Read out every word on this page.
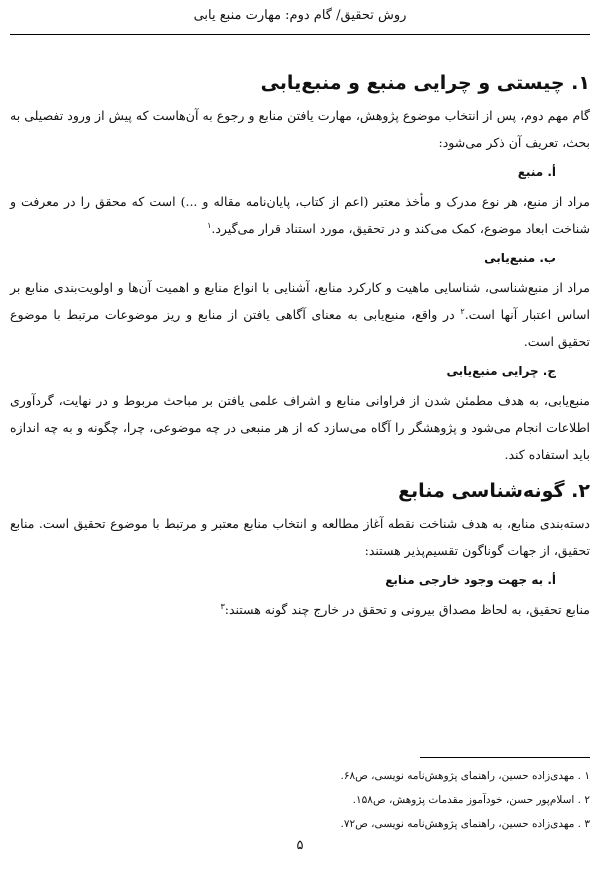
روش تحقیق/ گام دوم: مهارت منبع یابی
۱. چیستی و چرایی منبع و منبع‌یابی

گام مهم دوم، پس از انتخاب موضوع پژوهش، مهارت یافتن منابع و رجوع به آن‌هاست که پیش از ورود تفصیلی به بحث، تعریف آن ذکر می‌شود:

أ. منبع

مراد از منبع، هر نوع مدرک و مأخذ معتبر (اعم از کتاب، پایان‌نامه مقاله و ...) است که محقق را در معرفت و شناخت ابعاد موضوع، کمک می‌کند و در تحقیق، مورد استناد قرار می‌گیرد.$^۱$

ب. منبع‌یابی

مراد از منبع‌شناسی، شناسایی ماهیت و کارکرد منابع، آشنایی با انواع منابع و اهمیت آن‌ها و اولویت‌بندی منابع بر اساس اعتبار آنها است.$^۲$ در واقع، منبع‌یابی به معنای آگاهی یافتن از منابع و ریز موضوعات مرتبط با موضوع تحقیق است.

ج. چرایی منبع‌یابی

منبع‌یابی، به هدف مطمئن شدن از فراوانی منابع و اشراف علمی یافتن بر مباحث مربوط و در نهایت، گردآوری اطلاعات انجام می‌شود و پژوهشگر را آگاه می‌سازد که از هر منبعی در چه موضوعی، چرا، چگونه و به چه اندازه باید استفاده کند.

۲. گونه‌شناسی منابع

دسته‌بندی منابع، به هدف شناخت نقطه آغاز مطالعه و انتخاب منابع معتبر و مرتبط با موضوع تحقیق است. منابع تحقیق، از جهات گوناگون تقسیم‌پذیر هستند:

أ. به جهت وجود خارجی منابع

منابع تحقیق، به لحاظ مصداق بیرونی و تحقق در خارج چند گونه هستند:$^۳$

۱ . مهدی‌زاده حسین، راهنمای پژوهش‌نامه نویسی، ص۶۸.

۲ . اسلام‌پور حسن، خودآموز مقدمات پژوهش، ص۱۵۸.

۳ . مهدی‌زاده حسین، راهنمای پژوهش‌نامه نویسی، ص۷۲.

۵
